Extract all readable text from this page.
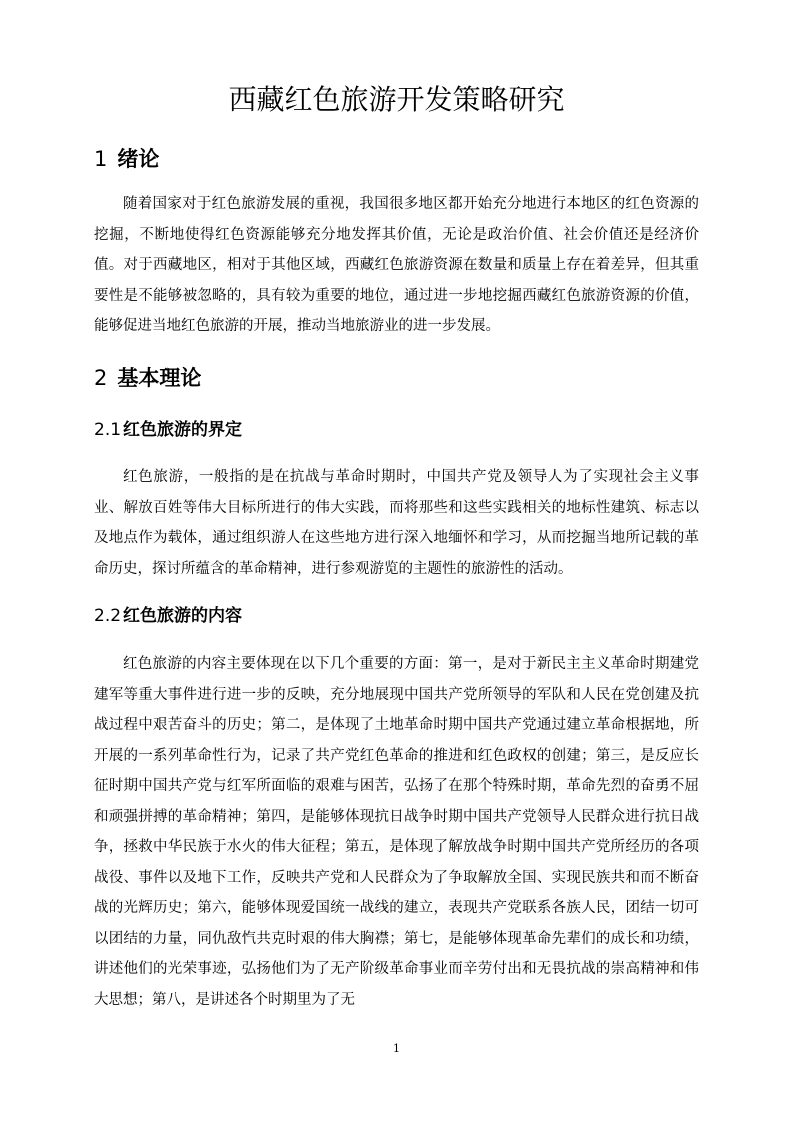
西藏红色旅游开发策略研究
1 绪论

随着国家对于红色旅游发展的重视，我国很多地区都开始充分地进行本地区的红色资源的挖掘，不断地使得红色资源能够充分地发挥其价值，无论是政治价值、社会价值还是经济价值。对于西藏地区，相对于其他区域，西藏红色旅游资源在数量和质量上存在着差异，但其重要性是不能够被忽略的，具有较为重要的地位，通过进一步地挖掘西藏红色旅游资源的价值，能够促进当地红色旅游的开展，推动当地旅游业的进一步发展。

2 基本理论
2.1 红色旅游的界定

红色旅游，一般指的是在抗战与革命时期时，中国共产党及领导人为了实现社会主义事业、解放百姓等伟大目标所进行的伟大实践，而将那些和这些实践相关的地标性建筑、标志以及地点作为载体，通过组织游人在这些地方进行深入地缅怀和学习，从而挖掘当地所记载的革命历史，探讨所蕴含的革命精神，进行参观游览的主题性的旅游性的活动。

2.2 红色旅游的内容

红色旅游的内容主要体现在以下几个重要的方面：第一，是对于新民主主义革命时期建党建军等重大事件进行进一步的反映，充分地展现中国共产党所领导的军队和人民在党创建及抗战过程中艰苦奋斗的历史；第二，是体现了土地革命时期中国共产党通过建立革命根据地，所开展的一系列革命性行为，记录了共产党红色革命的推进和红色政权的创建；第三，是反应长征时期中国共产党与红军所面临的艰难与困苦，弘扬了在那个特殊时期，革命先烈的奋勇不屈和顽强拼搏的革命精神；第四，是能够体现抗日战争时期中国共产党领导人民群众进行抗日战争，拯救中华民族于水火的伟大征程；第五，是体现了解放战争时期中国共产党所经历的各项战役、事件以及地下工作，反映共产党和人民群众为了争取解放全国、实现民族共和而不断奋战的光辉历史；第六，能够体现爱国统一战线的建立，表现共产党联系各族人民，团结一切可以团结的力量，同仇敌忾共克时艰的伟大胸襟；第七，是能够体现革命先辈们的成长和功绩，讲述他们的光荣事迹，弘扬他们为了无产阶级革命事业而辛劳付出和无畏抗战的崇高精神和伟大思想；第八，是讲述各个时期里为了无

1
